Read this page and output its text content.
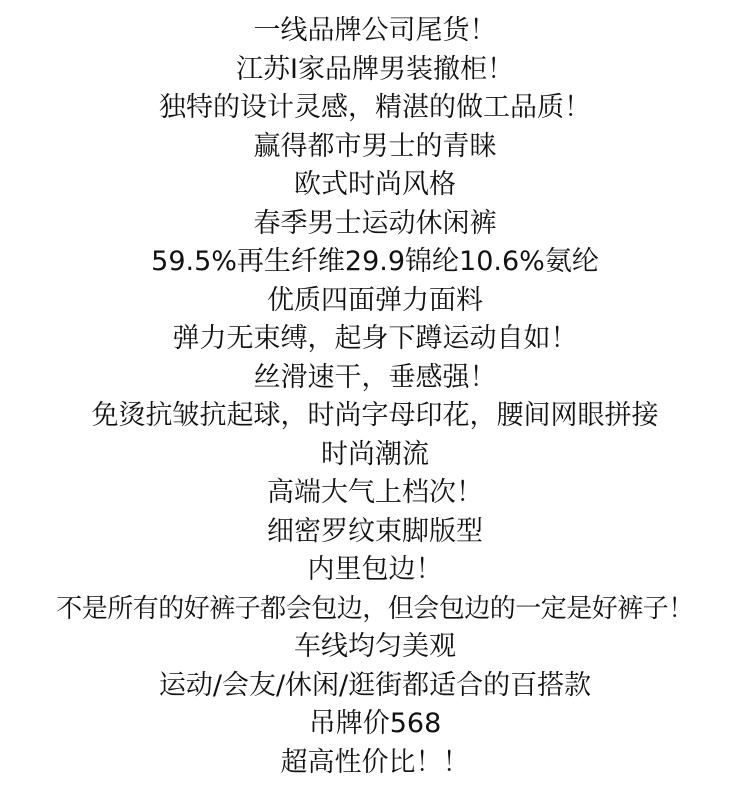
一线品牌公司尾货！
江苏I家品牌男装撤柜！
独特的设计灵感，精湛的做工品质！
赢得都市男士的青睐
欧式时尚风格
春季男士运动休闲裤
59.5%再生纤维29.9锦纶10.6%氨纶
优质四面弹力面料
弹力无束缚，起身下蹲运动自如！
丝滑速干，垂感强！
免烫抗皱抗起球，时尚字母印花，腰间网眼拼接
时尚潮流
高端大气上档次！
细密罗纹束脚版型
内里包边！
不是所有的好裤子都会包边，但会包边的一定是好裤子！
车线均匀美观
运动/会友/休闲/逛街都适合的百搭款
吊牌价568
超高性价比！！
